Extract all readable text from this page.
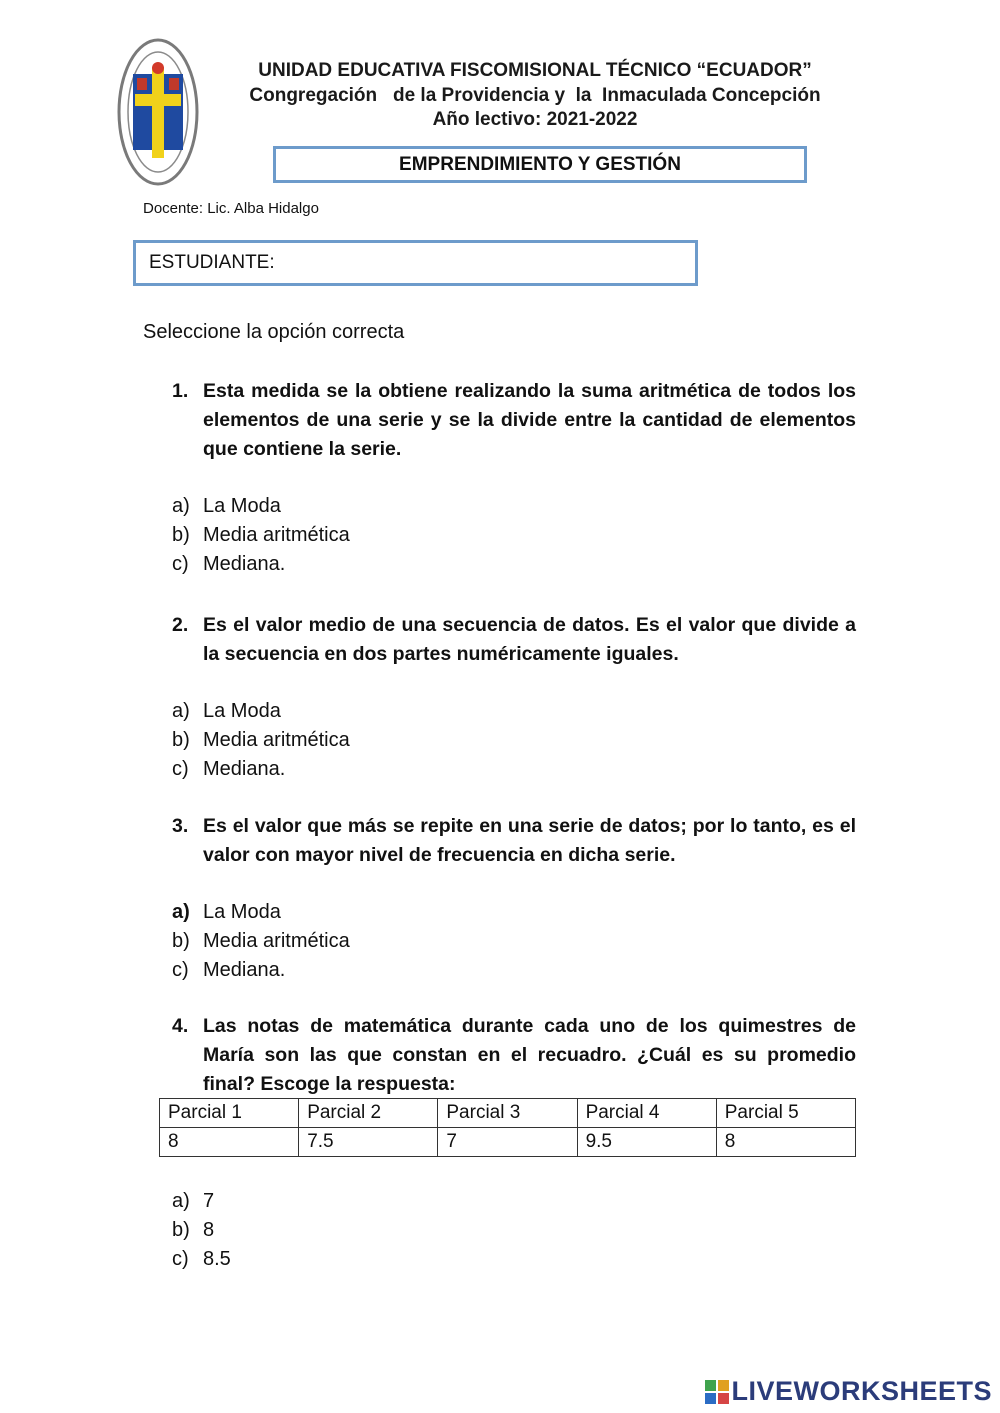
UNIDAD EDUCATIVA FISCOMISIONAL TÉCNICO “ECUADOR”
Congregación   de la Providencia y  la  Inmaculada Concepción
Año lectivo: 2021-2022
EMPRENDIMIENTO Y GESTIÓN
Docente: Lic. Alba Hidalgo
ESTUDIANTE:
Seleccione la opción correcta
1. Esta medida se la obtiene realizando la suma aritmética de todos los elementos de una serie y se la divide entre la cantidad de elementos que contiene la serie.
a) La Moda
b) Media aritmética
c) Mediana.
2. Es el valor medio de una secuencia de datos. Es el valor que divide a la secuencia en dos partes numéricamente iguales.
a) La Moda
b) Media aritmética
c) Mediana.
3. Es el valor que más se repite en una serie de datos; por lo tanto, es el valor con mayor nivel de frecuencia en dicha serie.
a) La Moda
b) Media aritmética
c) Mediana.
4. Las notas de matemática durante cada uno de los quimestres de María son las que constan en el recuadro. ¿Cuál es su promedio final? Escoge la respuesta:
Parcial 1	Parcial 2	Parcial 3	Parcial 4	Parcial 5
8	7.5	7	9.5	8
a) 7
b) 8
c) 8.5
LIVEWORKSHEETS
